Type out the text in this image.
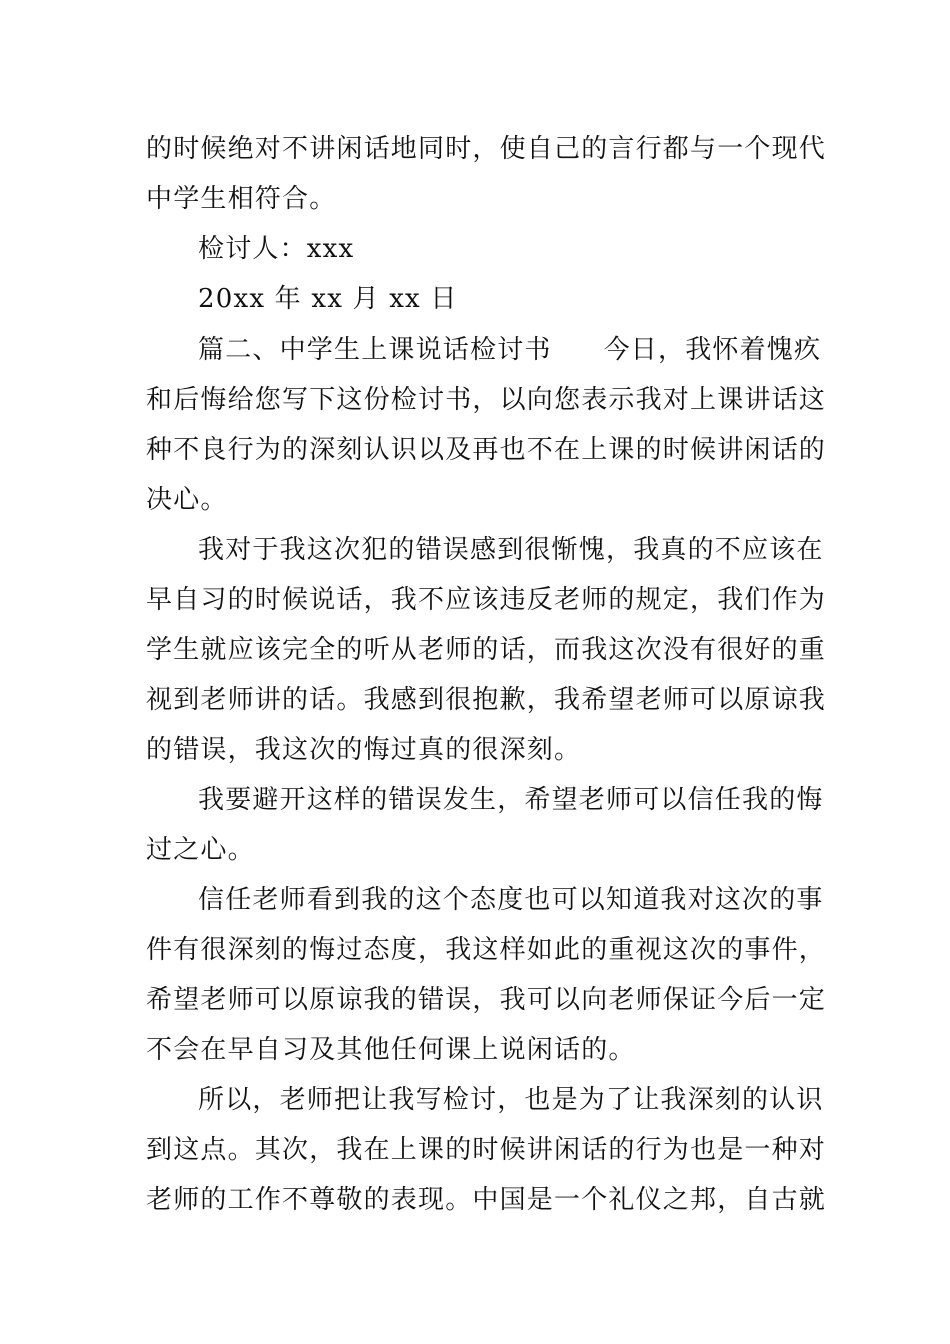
的时候绝对不讲闲话地同时，使自己的言行都与一个现代
中学生相符合。
检讨人：xxx
20xx 年 xx 月 xx 日
篇二、中学生上课说话检讨书 今日，我怀着愧疚
和后悔给您写下这份检讨书，以向您表示我对上课讲话这
种不良行为的深刻认识以及再也不在上课的时候讲闲话的
决心。
我对于我这次犯的错误感到很惭愧，我真的不应该在
早自习的时候说话，我不应该违反老师的规定，我们作为
学生就应该完全的听从老师的话，而我这次没有很好的重
视到老师讲的话。我感到很抱歉，我希望老师可以原谅我
的错误，我这次的悔过真的很深刻。
我要避开这样的错误发生，希望老师可以信任我的悔
过之心。
信任老师看到我的这个态度也可以知道我对这次的事
件有很深刻的悔过态度，我这样如此的重视这次的事件，
希望老师可以原谅我的错误，我可以向老师保证今后一定
不会在早自习及其他任何课上说闲话的。
所以，老师把让我写检讨，也是为了让我深刻的认识
到这点。其次，我在上课的时候讲闲话的行为也是一种对
老师的工作不尊敬的表现。中国是一个礼仪之邦，自古就
